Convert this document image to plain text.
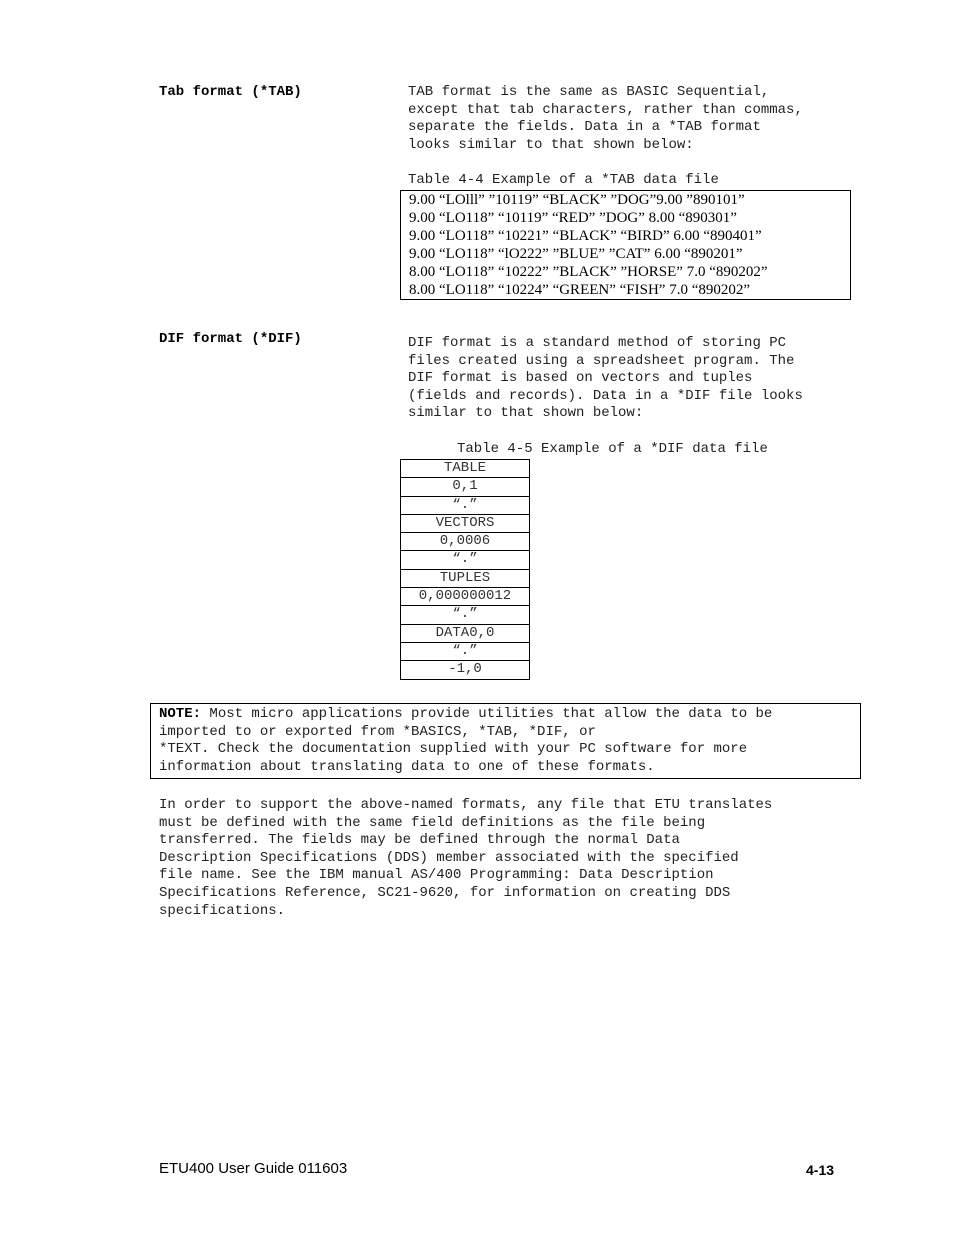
Tab format (*TAB)	TAB format is the same as BASIC Sequential,
except that tab characters, rather than commas,
separate the fields. Data in a *TAB format
looks similar to that shown below:
Table 4-4 Example of a *TAB data file
9.00 “LOlll” ”10119” “BLACK” ”DOG”9.00 ”890101”
9.00 “LO118” “10119” “RED” ”DOG” 8.00 “890301”
9.00 “LO118” “10221” “BLACK” “BIRD” 6.00 “890401”
9.00 “LO118” “lO222” ”BLUE” ”CAT” 6.00 “890201”
8.00 “LO118” “10222” ”BLACK” ”HORSE” 7.0 “890202”
8.00 “LO118” “10224” “GREEN” “FISH” 7.0 “890202”
DIF format (*DIF)	DIF format is a standard method of storing PC
files created using a spreadsheet program. The
DIF format is based on vectors and tuples
(fields and records). Data in a *DIF file looks
similar to that shown below:
Table 4-5 Example of a *DIF data file
TABLE
0,1
“.”
VECTORS
0,0006
“.”
TUPLES
0,000000012
“.”
DATA0,0
“.”
-1,0
NOTE: Most micro applications provide utilities that allow the data to be
imported to or exported from *BASICS, *TAB, *DIF, or
*TEXT. Check the documentation supplied with your PC software for more
information about translating data to one of these formats.
In order to support the above-named formats, any file that ETU translates
must be defined with the same field definitions as the file being
transferred. The fields may be defined through the normal Data
Description Specifications (DDS) member associated with the specified
file name. See the IBM manual AS/400 Programming: Data Description
Specifications Reference, SC21-9620, for information on creating DDS
specifications.
ETU400 User Guide 011603	4-13
